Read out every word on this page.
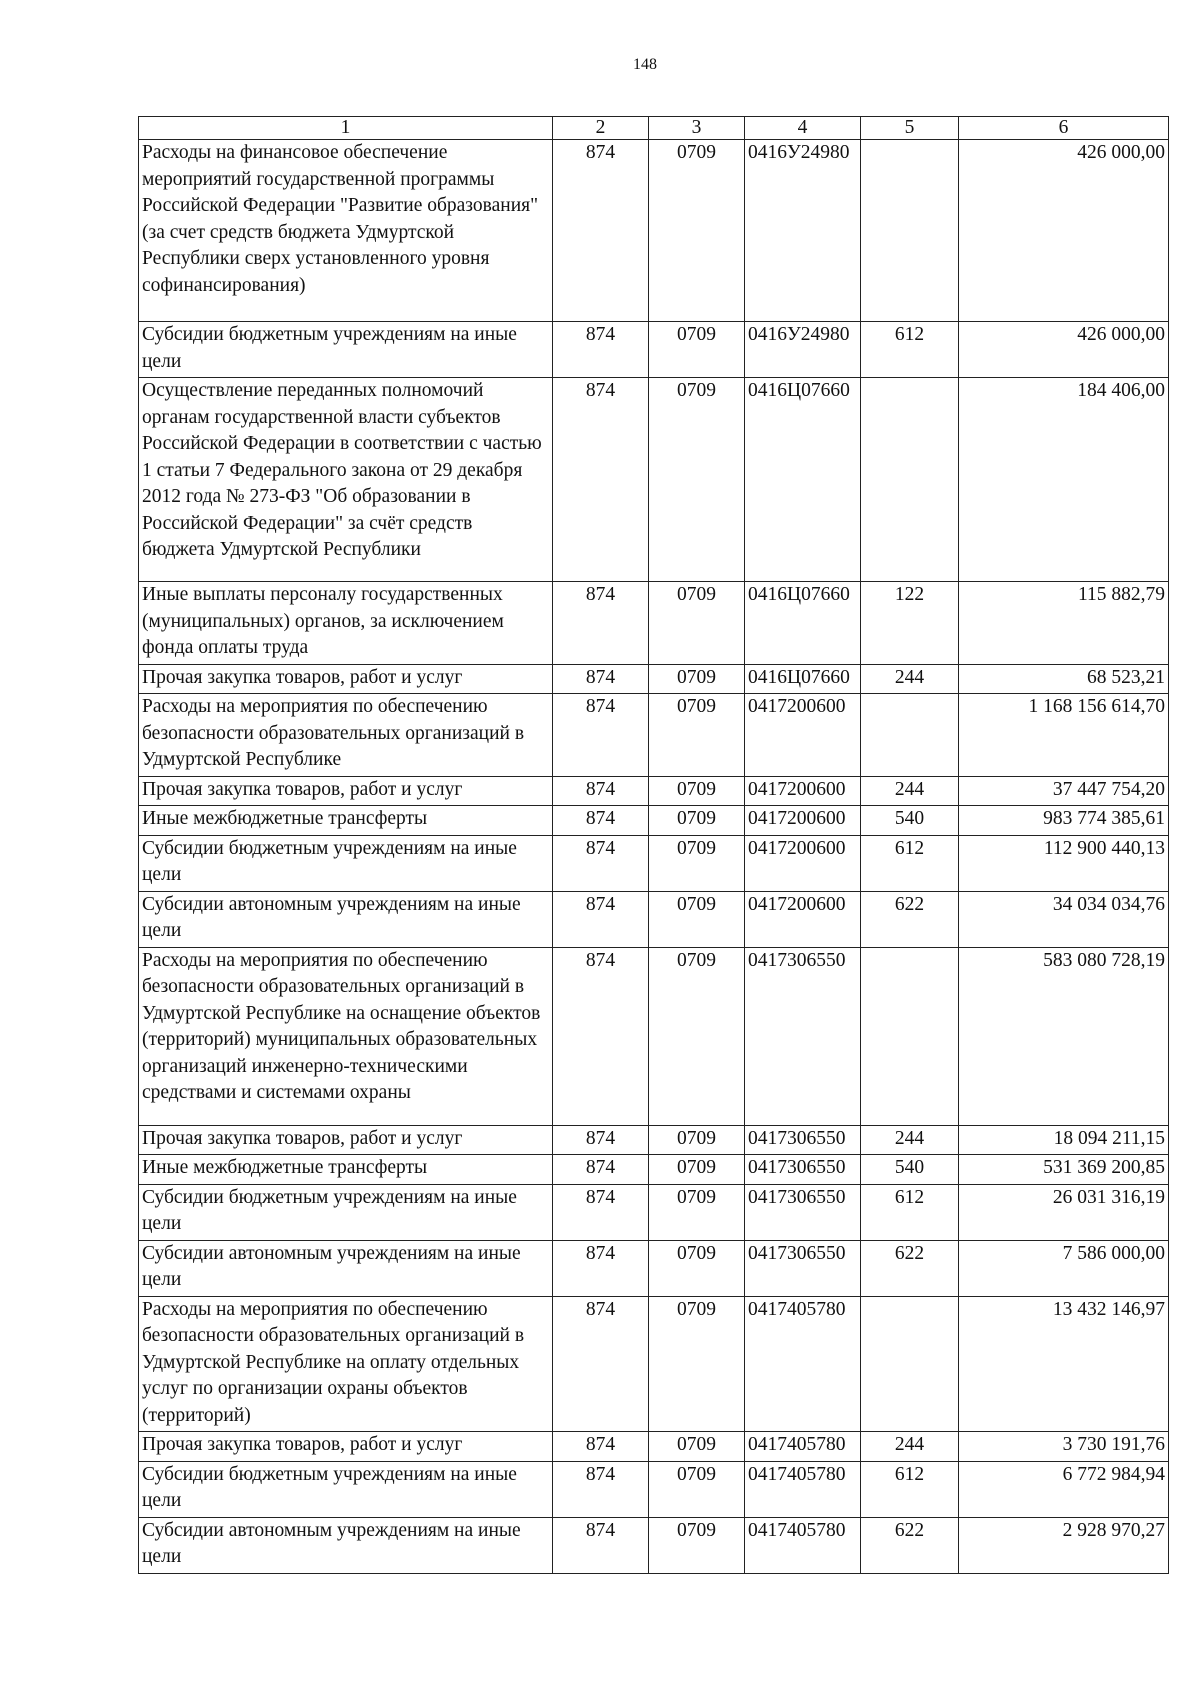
148
1	2	3	4	5	6
Расходы на финансовое обеспечение мероприятий государственной программы Российской Федерации "Развитие образования" (за счет средств бюджета Удмуртской Республики сверх установленного уровня софинансирования)	874	0709	0416У24980		426 000,00
Субсидии бюджетным учреждениям на иные цели	874	0709	0416У24980	612	426 000,00
Осуществление переданных полномочий органам государственной власти субъектов Российской Федерации в соответствии с частью 1 статьи 7 Федерального закона от 29 декабря 2012 года № 273-ФЗ "Об образовании в Российской Федерации" за счёт средств бюджета Удмуртской Республики	874	0709	0416Ц07660		184 406,00
Иные выплаты персоналу государственных (муниципальных) органов, за исключением фонда оплаты труда	874	0709	0416Ц07660	122	115 882,79
Прочая закупка товаров, работ и услуг	874	0709	0416Ц07660	244	68 523,21
Расходы на мероприятия по обеспечению безопасности образовательных организаций в Удмуртской Республике	874	0709	0417200600		1 168 156 614,70
Прочая закупка товаров, работ и услуг	874	0709	0417200600	244	37 447 754,20
Иные межбюджетные трансферты	874	0709	0417200600	540	983 774 385,61
Субсидии бюджетным учреждениям на иные цели	874	0709	0417200600	612	112 900 440,13
Субсидии автономным учреждениям на иные цели	874	0709	0417200600	622	34 034 034,76
Расходы на мероприятия по обеспечению безопасности образовательных организаций в Удмуртской Республике на оснащение объектов (территорий) муниципальных образовательных организаций инженерно-техническими средствами и системами охраны	874	0709	0417306550		583 080 728,19
Прочая закупка товаров, работ и услуг	874	0709	0417306550	244	18 094 211,15
Иные межбюджетные трансферты	874	0709	0417306550	540	531 369 200,85
Субсидии бюджетным учреждениям на иные цели	874	0709	0417306550	612	26 031 316,19
Субсидии автономным учреждениям на иные цели	874	0709	0417306550	622	7 586 000,00
Расходы на мероприятия по обеспечению безопасности образовательных организаций в Удмуртской Республике на оплату отдельных услуг по организации охраны объектов (территорий)	874	0709	0417405780		13 432 146,97
Прочая закупка товаров, работ и услуг	874	0709	0417405780	244	3 730 191,76
Субсидии бюджетным учреждениям на иные цели	874	0709	0417405780	612	6 772 984,94
Субсидии автономным учреждениям на иные цели	874	0709	0417405780	622	2 928 970,27
